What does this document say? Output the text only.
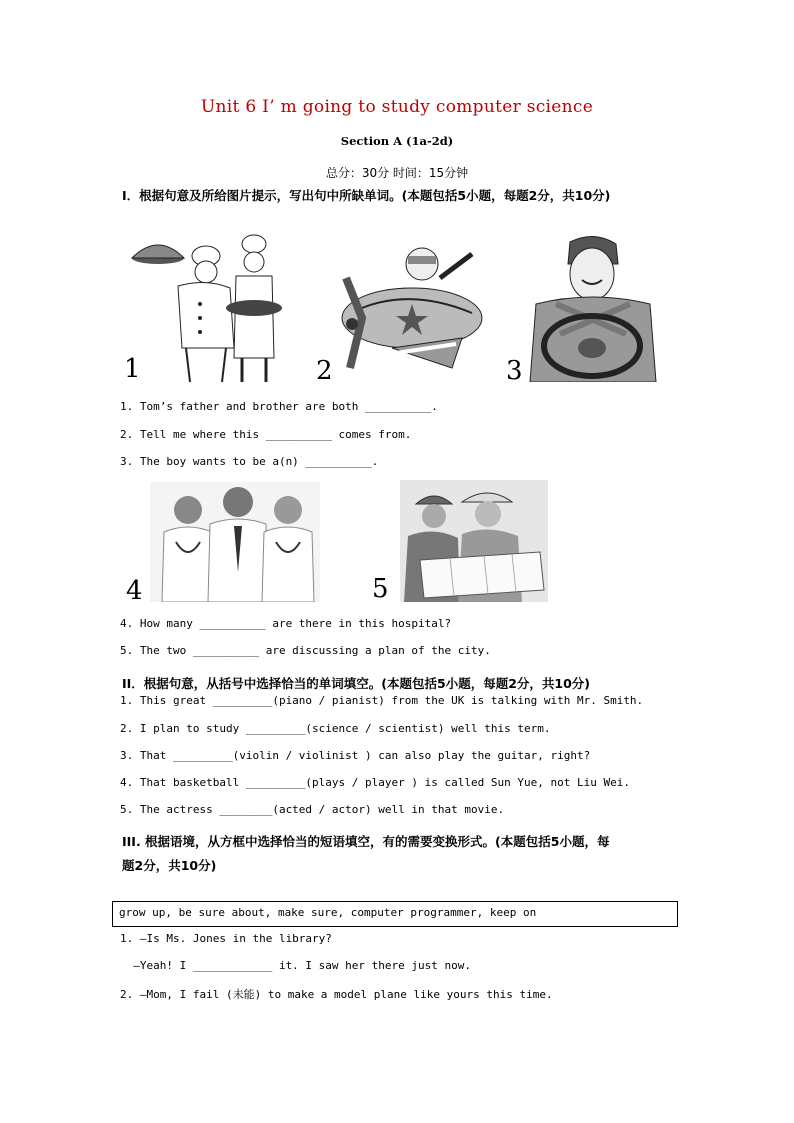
Unit 6 I’ m going to study computer science
Section A (1a-2d)
总分：30分 时间：15分钟
I．根据句意及所给图片提示，写出句中所缺单词。(本题包括5小题，每题2分，共10分)
1	2	3
1. Tom’s father and brother are both __________.
2. Tell me where this __________ comes from.
3. The boy wants to be a(n) __________.
4	5
4. How many __________ are there in this hospital?
5. The two __________ are discussing a plan of the city.
II．根据句意，从括号中选择恰当的单词填空。(本题包括5小题，每题2分，共10分)
1. This great _________(piano / pianist) from the UK is talking with Mr. Smith.
2. I plan to study _________(science / scientist) well this term.
3. That _________(violin / violinist ) can also play the guitar, right?
4. That basketball _________(plays / player ) is called Sun Yue, not Liu Wei.
5. The actress ________(acted / actor) well in that movie.
III. 根据语境，从方框中选择恰当的短语填空，有的需要变换形式。(本题包括5小题，每
题2分，共10分)
grow up, be sure about, make sure, computer programmer, keep on
1. —Is Ms. Jones in the library?
—Yeah! I ____________ it. I saw her there just now.
2. —Mom, I fail (未能) to make a model plane like yours this time.
